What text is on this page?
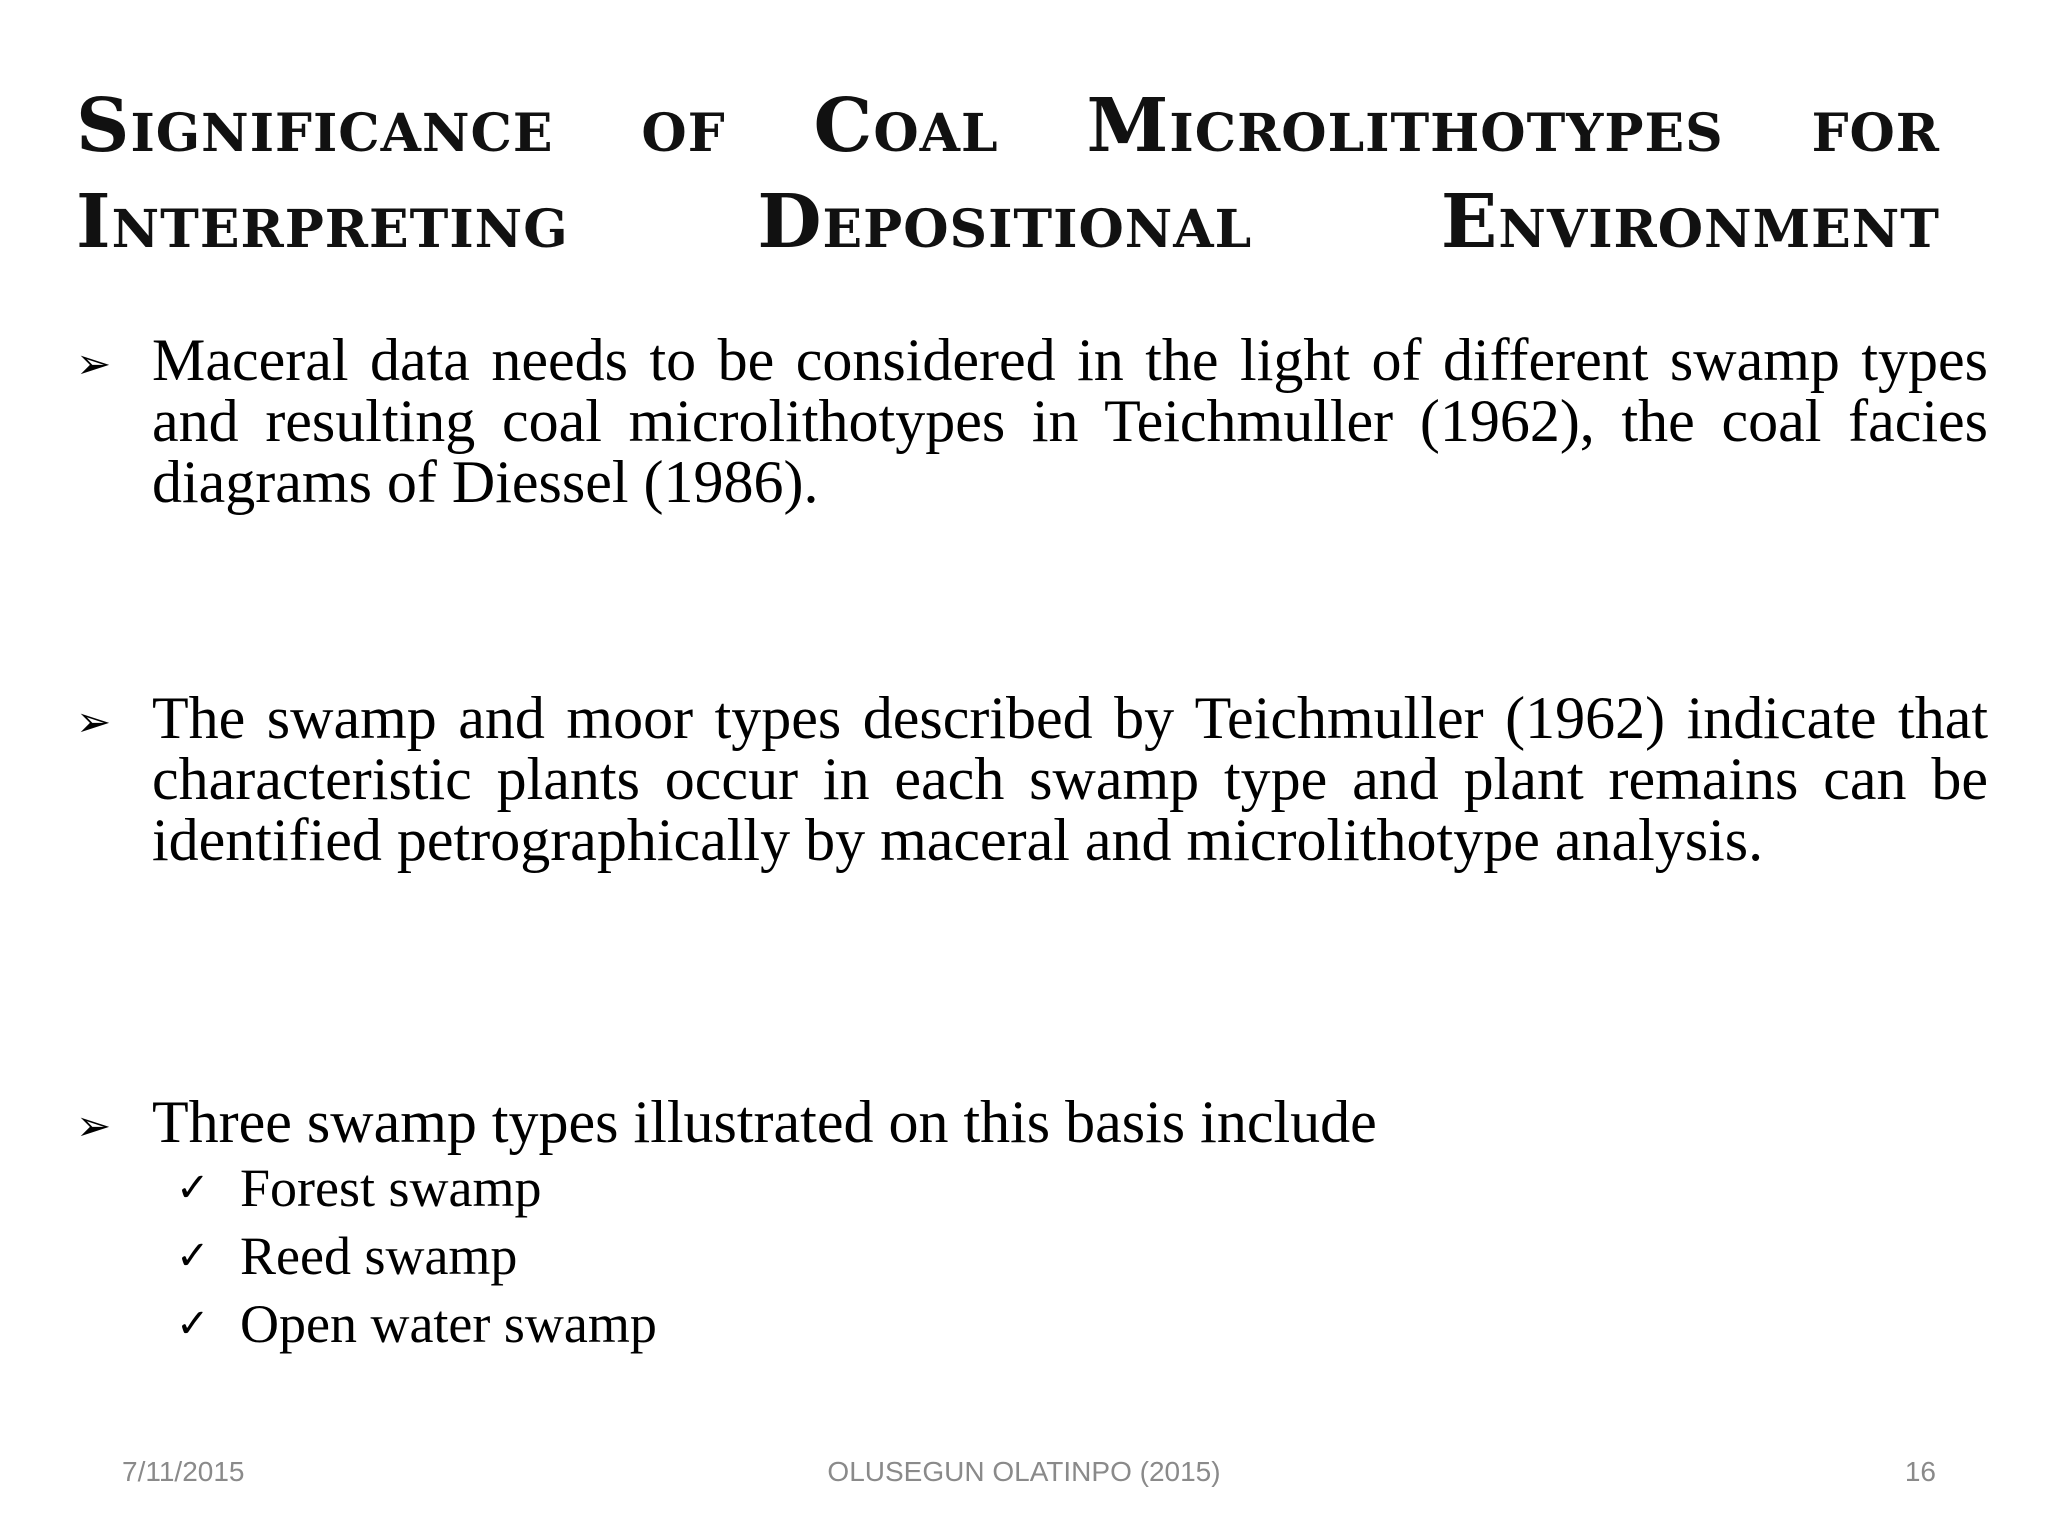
Significance of Coal Microlithotypes for
Interpreting Depositional Environment
➢ Maceral data needs to be considered in the light of different swamp types and resulting coal microlithotypes in Teichmuller (1962), the coal facies diagrams of Diessel (1986).
➢ The swamp and moor types described by Teichmuller (1962) indicate that characteristic plants occur in each swamp type and plant remains can be identified petrographically by maceral and microlithotype analysis.
➢ Three swamp types illustrated on this basis include
✓ Forest swamp
✓ Reed swamp
✓ Open water swamp
7/11/2015	OLUSEGUN OLATINPO (2015)	16
